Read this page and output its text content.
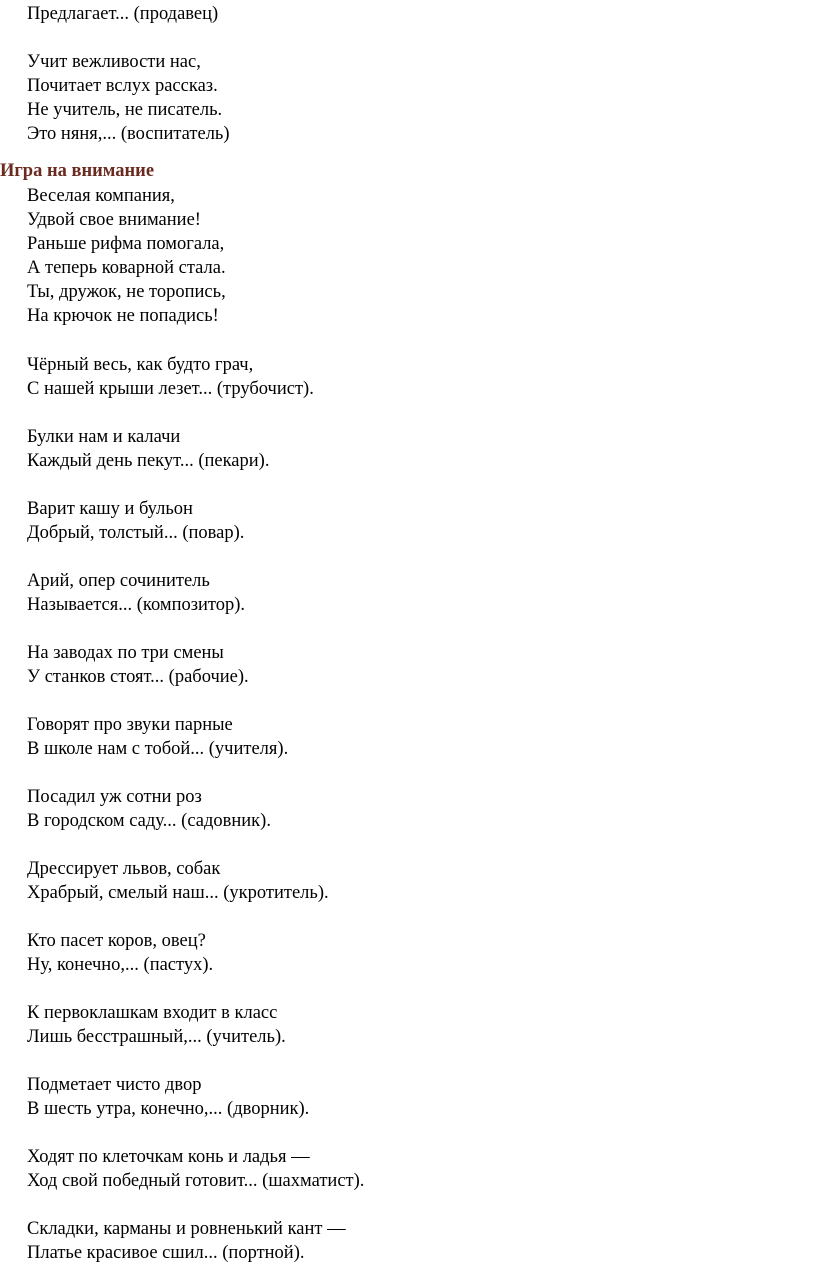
Предлагает... (продавец)
Учит вежливости нас,
Почитает вслух рассказ.
Не учитель, не писатель.
Это няня,... (воспитатель)
Игра на внимание
Веселая компания,
Удвой свое внимание!
Раньше рифма помогала,
А теперь коварной стала.
Ты, дружок, не торопись,
На крючок не попадись!
Чёрный весь, как будто грач,
С нашей крыши лезет... (трубочист).
Булки нам и калачи
Каждый день пекут... (пекари).
Варит кашу и бульон
Добрый, толстый... (повар).
Арий, опер сочинитель
Называется... (композитор).
На заводах по три смены
У станков стоят... (рабочие).
Говорят про звуки парные
В школе нам с тобой... (учителя).
Посадил уж сотни роз
В городском саду... (садовник).
Дрессирует львов, собак
Храбрый, смелый наш... (укротитель).
Кто пасет коров, овец?
Ну, конечно,... (пастух).
К первоклашкам входит в класс
Лишь бесстрашный,... (учитель).
Подметает чисто двор
В шесть утра, конечно,... (дворник).
Ходят по клеточкам конь и ладья —
Ход свой победный готовит... (шахматист).
Складки, карманы и ровненький кант —
Платье красивое сшил... (портной).
